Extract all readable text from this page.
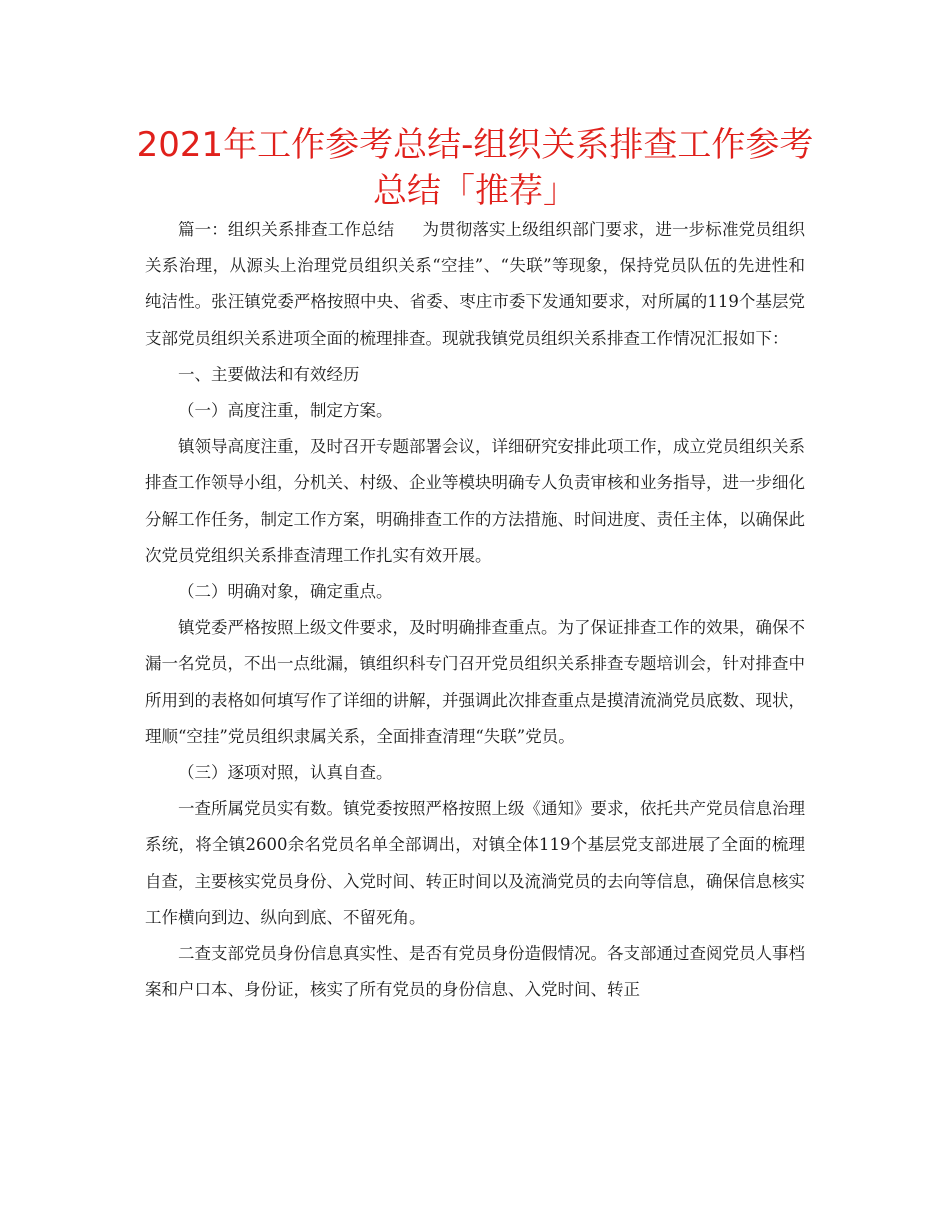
2021年工作参考总结-组织关系排查工作参考总结「推荐」

篇一：组织关系排查工作总结 为贯彻落实上级组织部门要求，进一步标准党员组织关系治理，从源头上治理党员组织关系“空挂”、“失联”等现象，保持党员队伍的先进性和纯洁性。张汪镇党委严格按照中央、省委、枣庄市委下发通知要求，对所属的119个基层党支部党员组织关系进项全面的梳理排查。现就我镇党员组织关系排查工作情况汇报如下：

一、主要做法和有效经历

（一）高度注重，制定方案。

镇领导高度注重，及时召开专题部署会议，详细研究安排此项工作，成立党员组织关系排查工作领导小组，分机关、村级、企业等模块明确专人负责审核和业务指导，进一步细化分解工作任务，制定工作方案，明确排查工作的方法措施、时间进度、责任主体，以确保此次党员党组织关系排查清理工作扎实有效开展。

（二）明确对象，确定重点。

镇党委严格按照上级文件要求，及时明确排查重点。为了保证排查工作的效果，确保不漏一名党员，不出一点纰漏，镇组织科专门召开党员组织关系排查专题培训会，针对排查中所用到的表格如何填写作了详细的讲解，并强调此次排查重点是摸清流淌党员底数、现状，理顺“空挂”党员组织隶属关系，全面排查清理“失联”党员。

（三）逐项对照，认真自查。

一查所属党员实有数。镇党委按照严格按照上级《通知》要求，依托共产党员信息治理系统，将全镇2600余名党员名单全部调出，对镇全体119个基层党支部进展了全面的梳理自查，主要核实党员身份、入党时间、转正时间以及流淌党员的去向等信息，确保信息核实工作横向到边、纵向到底、不留死角。

二查支部党员身份信息真实性、是否有党员身份造假情况。各支部通过查阅党员人事档案和户口本、身份证，核实了所有党员的身份信息、入党时间、转正
